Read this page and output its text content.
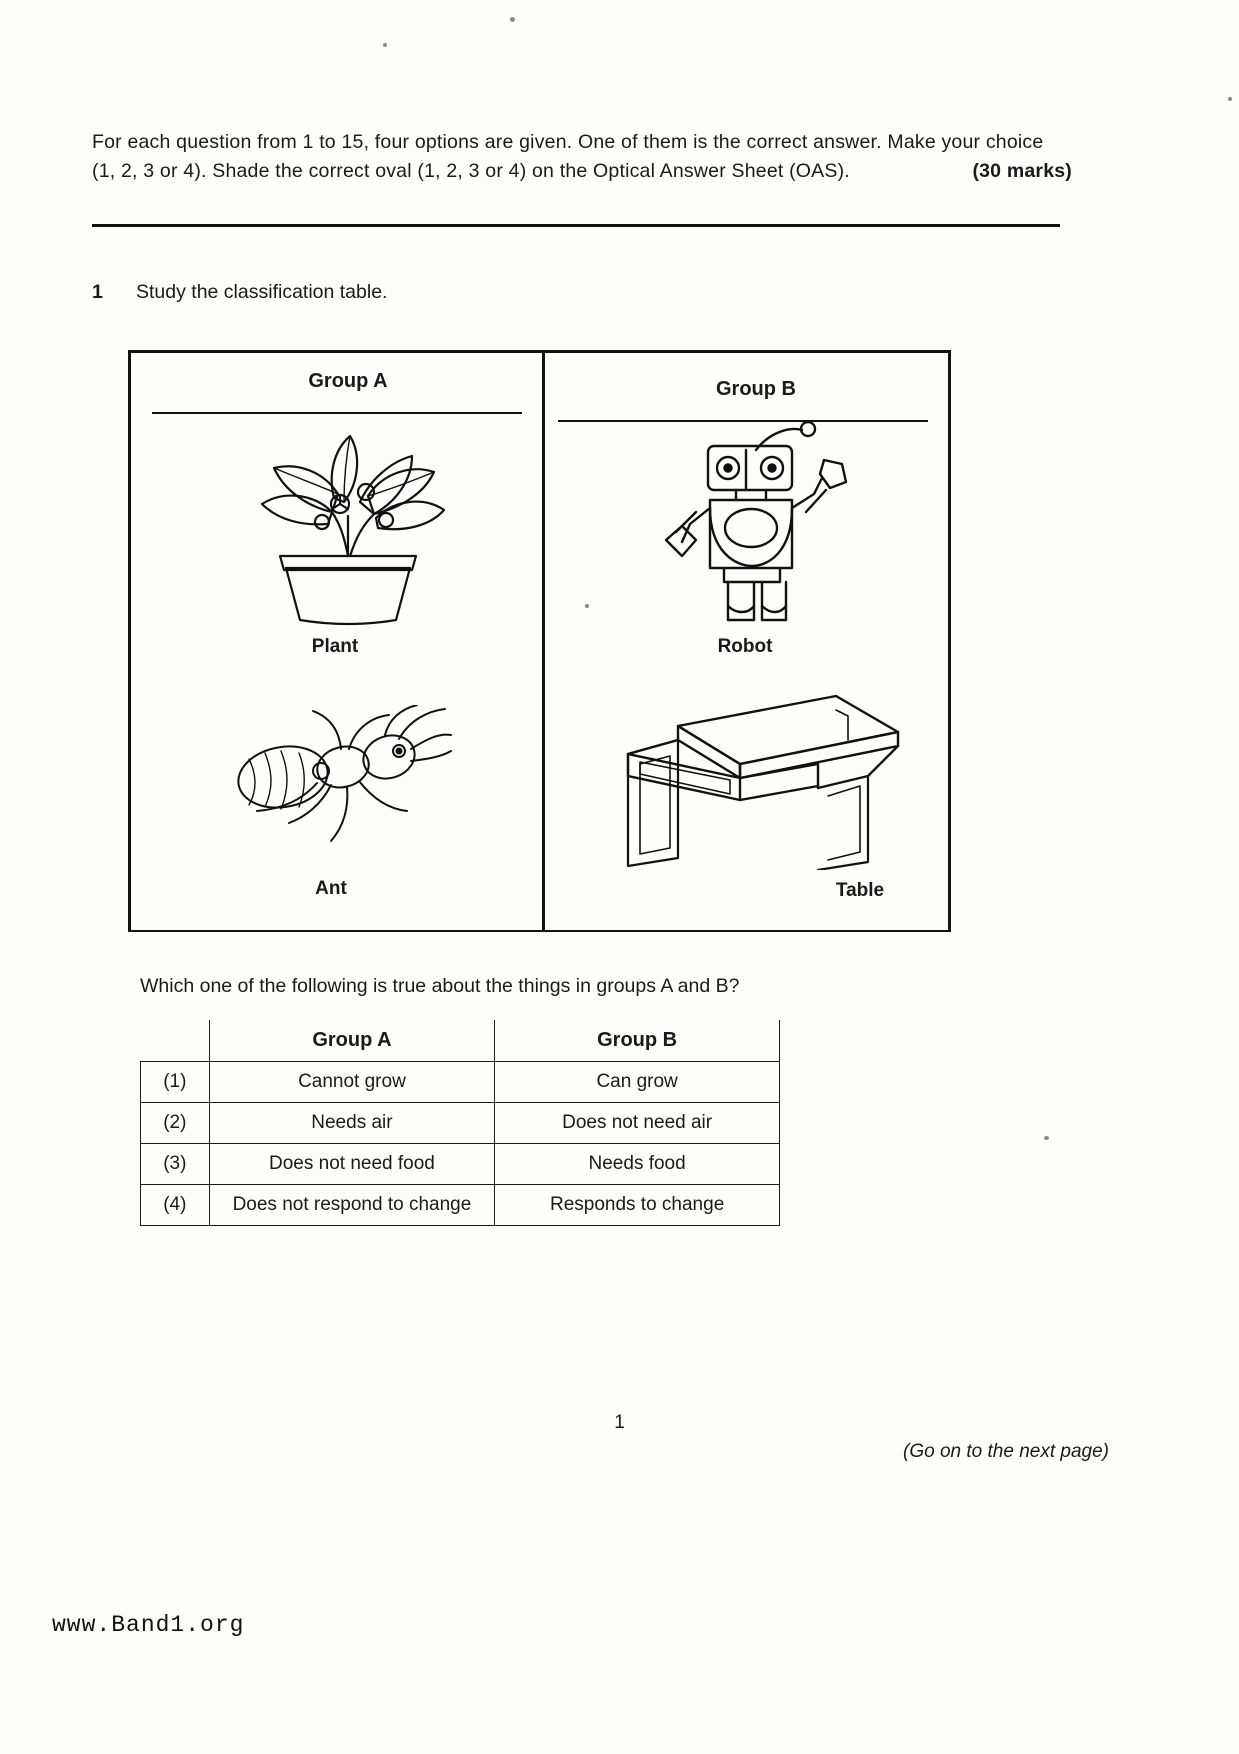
For each question from 1 to 15, four options are given. One of them is the correct answer. Make your choice (1, 2, 3 or 4). Shade the correct oval (1, 2, 3 or 4) on the Optical Answer	(30 marks)
Sheet (OAS).
1 Study the classification table.
Group A	Group B
Plant	Robot
Ant	Table
Which one of the following is true about the things in groups A and B?
	Group A	Group B
(1)	Cannot grow	Can grow
(2)	Needs air	Does not need air
(3)	Does not need food	Needs food
(4)	Does not respond to change	Responds to change
1
(Go on to the next page)
www.Band1.org
